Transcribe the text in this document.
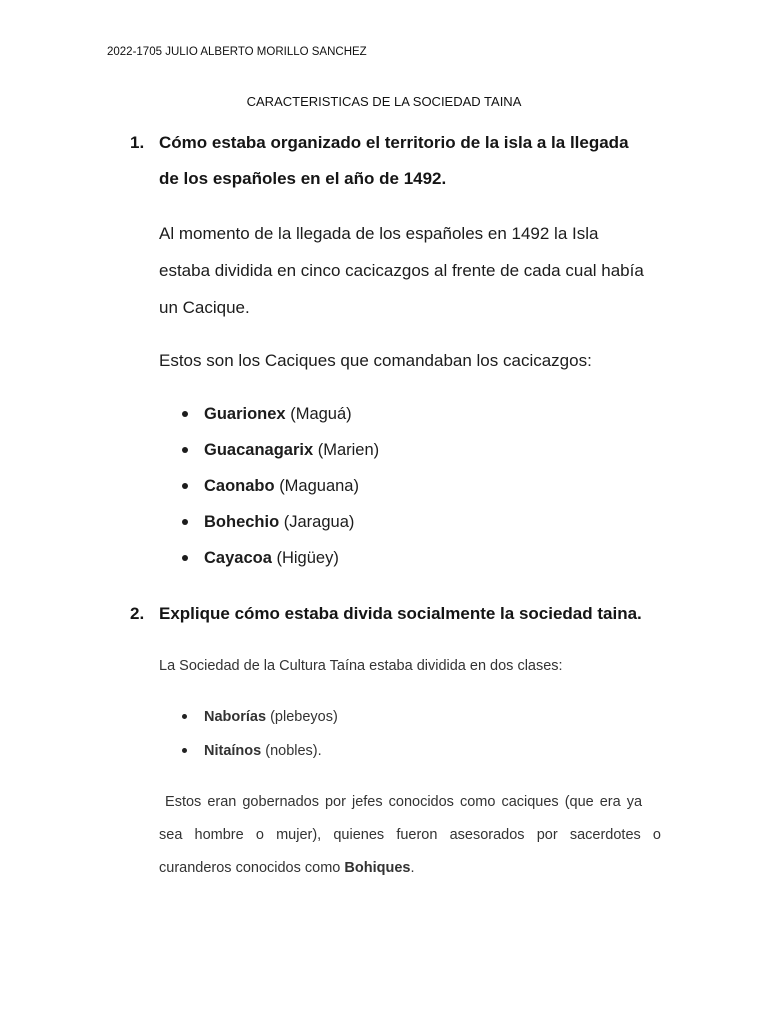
2022-1705 JULIO ALBERTO MORILLO SANCHEZ
CARACTERISTICAS DE LA SOCIEDAD TAINA
1. Cómo estaba organizado el territorio de la isla a la llegada
de los españoles en el año de 1492.
Al momento de la llegada de los españoles en 1492 la Isla
estaba dividida en cinco cacicazgos al frente de cada cual había
un Cacique.
Estos son los Caciques que comandaban los cacicazgos:
Guarionex (Maguá)
Guacanagarix (Marien)
Caonabo (Maguana)
Bohechio (Jaragua)
Cayacoa (Higüey)
2. Explique cómo estaba divida socialmente la sociedad taina.
La Sociedad de la Cultura Taína estaba dividida en dos clases:
Naborías (plebeyos)
Nitaínos (nobles).
Estos eran gobernados por jefes conocidos como caciques (que era ya
sea hombre o mujer), quienes fueron asesorados por sacerdotes o
curanderos conocidos como Bohiques.
